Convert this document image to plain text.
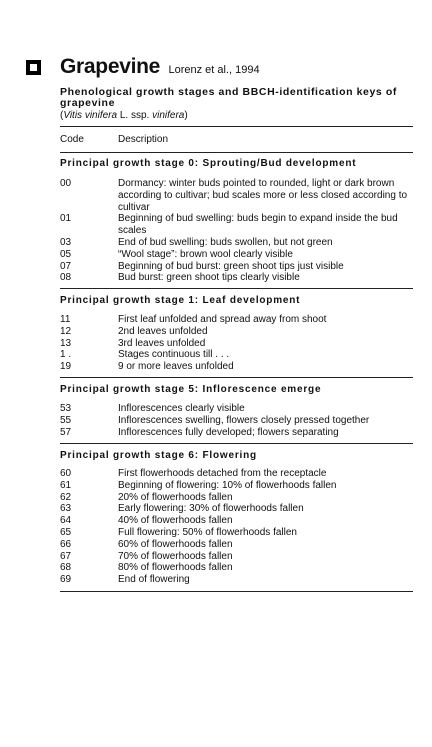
Grapevine Lorenz et al., 1994
Phenological growth stages and BBCH-identification keys of grapevine
(Vitis vinifera L. ssp. vinifera)
Code	Description
Principal growth stage 0: Sprouting/Bud development
00	Dormancy: winter buds pointed to rounded, light or dark brown according to cultivar; bud scales more or less closed according to cultivar
01	Beginning of bud swelling: buds begin to expand inside the bud scales
03	End of bud swelling: buds swollen, but not green
05	“Wool stage”: brown wool clearly visible
07	Beginning of bud burst: green shoot tips just visible
08	Bud burst: green shoot tips clearly visible
Principal growth stage 1: Leaf development
11	First leaf unfolded and spread away from shoot
12	2nd leaves unfolded
13	3rd leaves unfolded
1 .	Stages continuous till . . .
19	9 or more leaves unfolded
Principal growth stage 5: Inflorescence emerge
53	Inflorescences clearly visible
55	Inflorescences swelling, flowers closely pressed together
57	Inflorescences fully developed; flowers separating
Principal growth stage 6: Flowering
60	First flowerhoods detached from the receptacle
61	Beginning of flowering: 10% of flowerhoods fallen
62	20% of flowerhoods fallen
63	Early flowering: 30% of flowerhoods fallen
64	40% of flowerhoods fallen
65	Full flowering: 50% of flowerhoods fallen
66	60% of flowerhoods fallen
67	70% of flowerhoods fallen
68	80% of flowerhoods fallen
69	End of flowering
